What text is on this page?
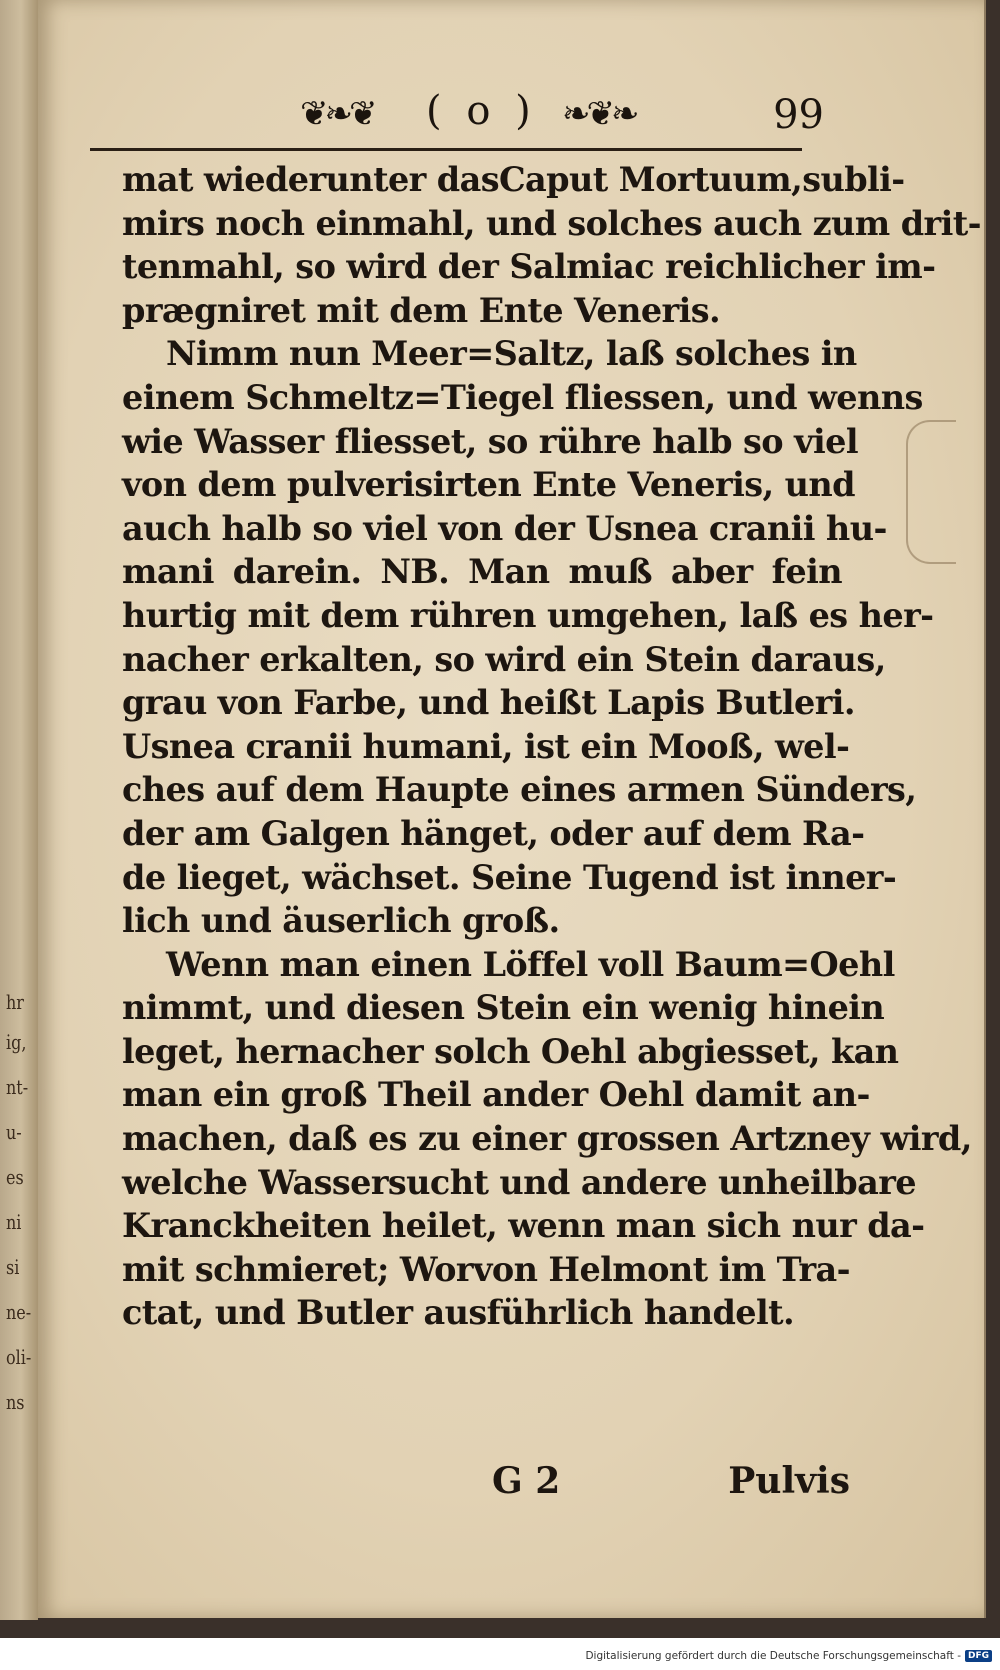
hr
ig,
nt-
u-
es
ni
si
ne-
oli-
ns
❦❧❦ ( o ) ❧❦❧	99
mat wiederunter dasCaput Mortuum,subli-
mirs noch einmahl, und solches auch zum drit-
tenmahl, so wird der Salmiac reichlicher im-
prægniret mit dem Ente Veneris.
Nimm nun Meer=Saltz, laß solches in
einem Schmeltz=Tiegel fliessen, und wenns
wie Wasser fliesset, so rühre halb so viel
von dem pulverisirten Ente Veneris, und
auch halb so viel von der Usnea cranii hu-
mani darein. NB. Man muß aber fein
hurtig mit dem rühren umgehen, laß es her-
nacher erkalten, so wird ein Stein daraus,
grau von Farbe, und heißt Lapis Butleri.
Usnea cranii humani, ist ein Mooß, wel-
ches auf dem Haupte eines armen Sünders,
der am Galgen hänget, oder auf dem Ra-
de lieget, wächset. Seine Tugend ist inner-
lich und äuserlich groß.
Wenn man einen Löffel voll Baum=Oehl
nimmt, und diesen Stein ein wenig hinein
leget, hernacher solch Oehl abgiesset, kan
man ein groß Theil ander Oehl damit an-
machen, daß es zu einer grossen Artzney wird,
welche Wassersucht und andere unheilbare
Kranckheiten heilet, wenn man sich nur da-
mit schmieret; Worvon Helmont im Tra-
ctat, und Butler ausführlich handelt.
G 2	Pulvis
Digitalisierung gefördert durch die Deutsche Forschungsgemeinschaft - DFG
